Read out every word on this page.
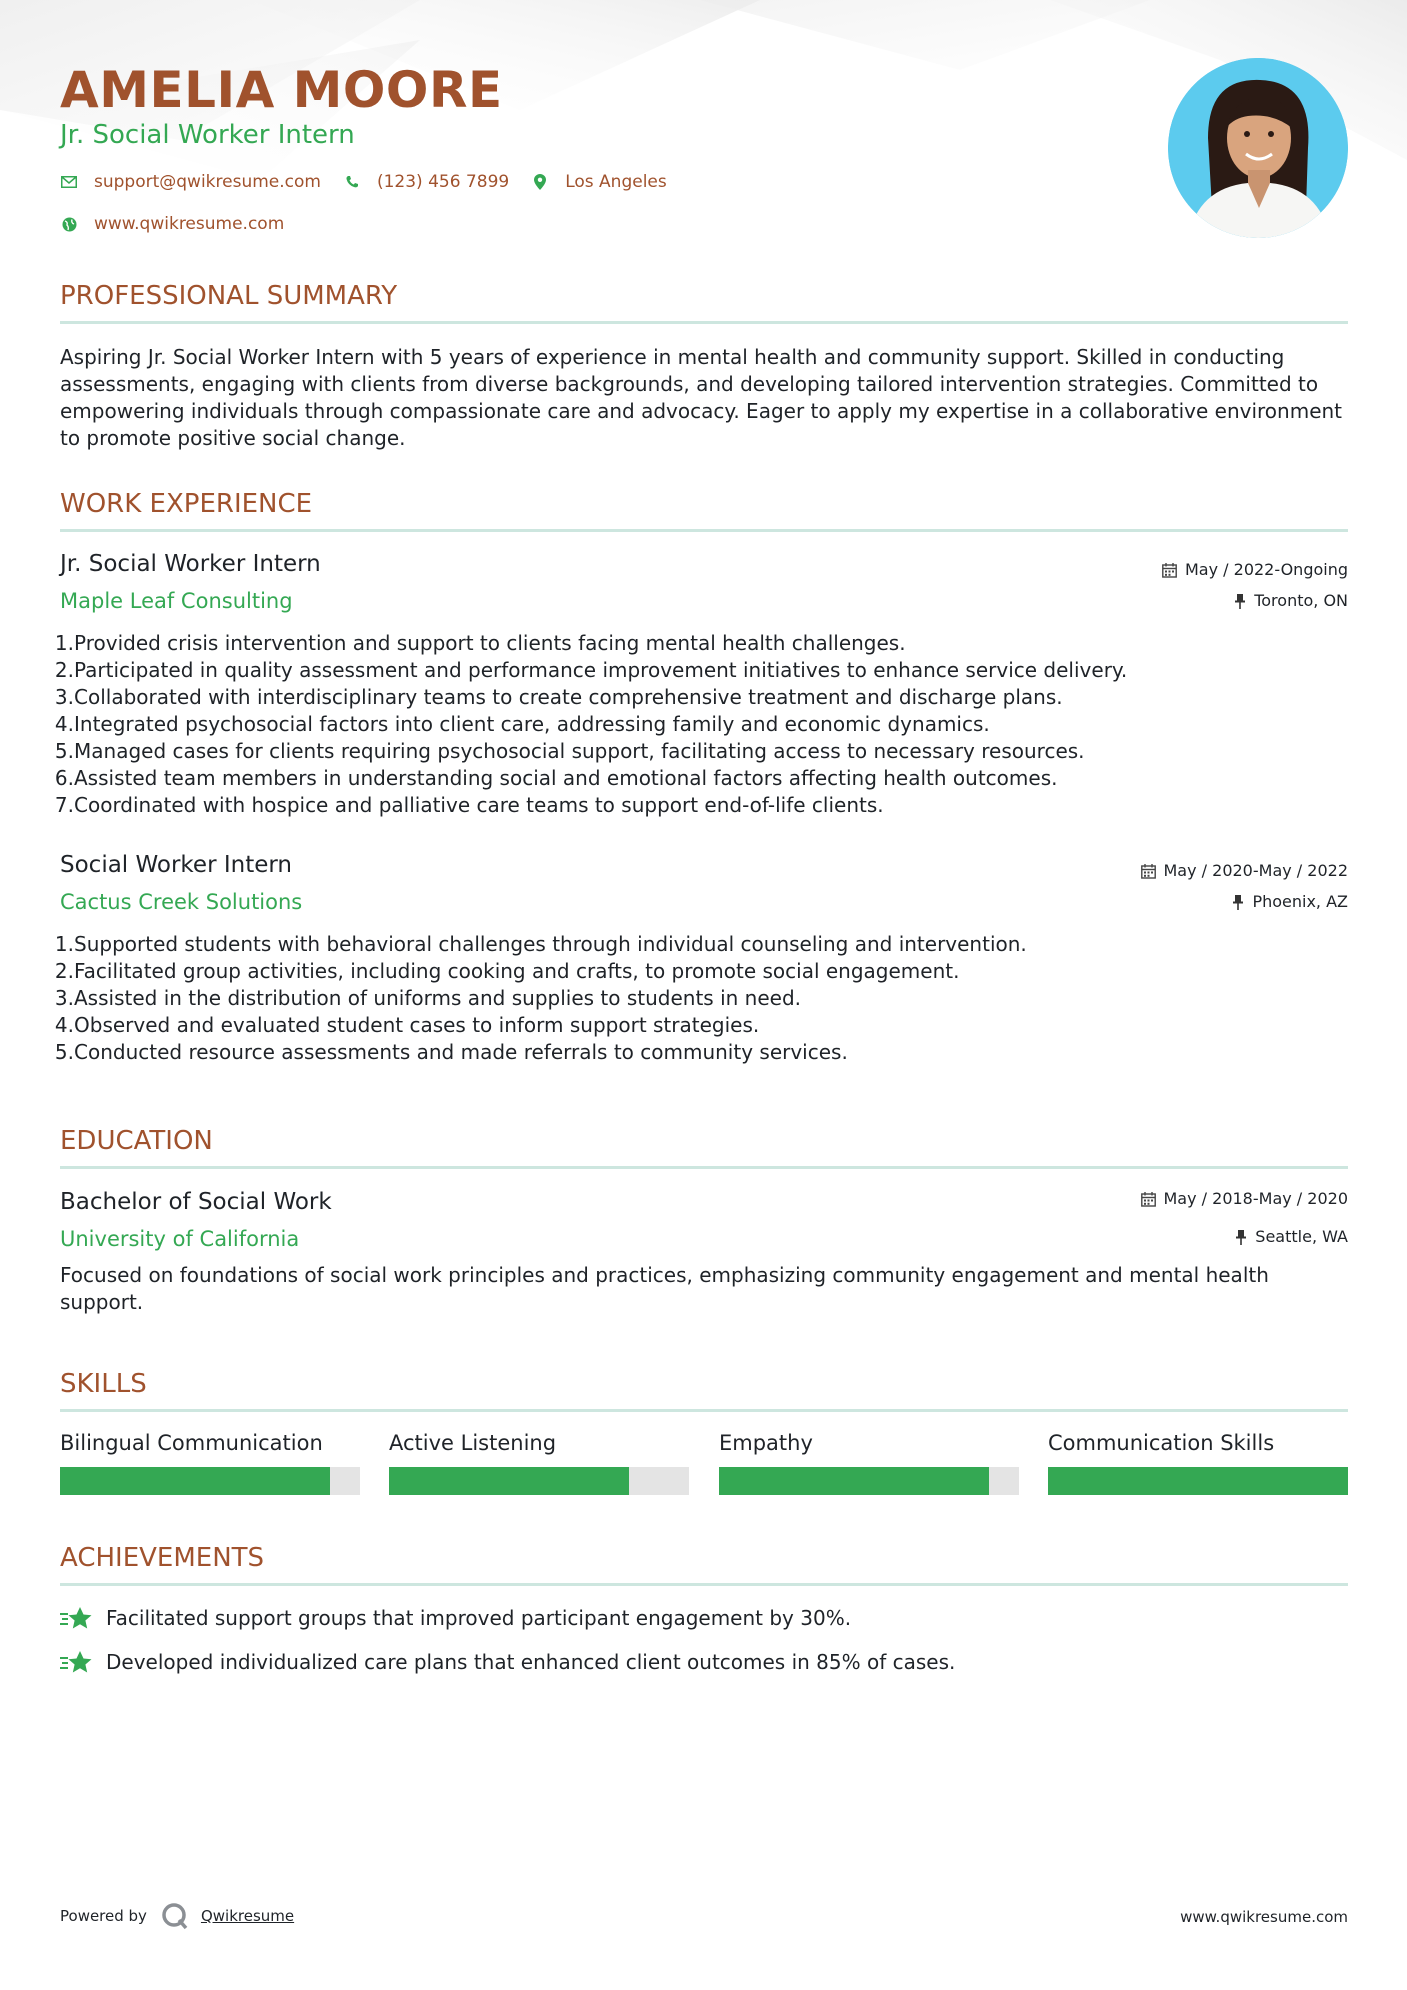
AMELIA MOORE
Jr. Social Worker Intern
support@qwikresume.com	(123) 456 7899	Los Angeles
www.qwikresume.com
PROFESSIONAL SUMMARY
Aspiring Jr. Social Worker Intern with 5 years of experience in mental health and community support. Skilled in conducting assessments, engaging with clients from diverse backgrounds, and developing tailored intervention strategies. Committed to empowering individuals through compassionate care and advocacy. Eager to apply my expertise in a collaborative environment to promote positive social change.
WORK EXPERIENCE
Jr. Social Worker Intern
Maple Leaf Consulting
May / 2022-Ongoing
Toronto, ON
1.Provided crisis intervention and support to clients facing mental health challenges.
2.Participated in quality assessment and performance improvement initiatives to enhance service delivery.
3.Collaborated with interdisciplinary teams to create comprehensive treatment and discharge plans.
4.Integrated psychosocial factors into client care, addressing family and economic dynamics.
5.Managed cases for clients requiring psychosocial support, facilitating access to necessary resources.
6.Assisted team members in understanding social and emotional factors affecting health outcomes.
7.Coordinated with hospice and palliative care teams to support end-of-life clients.
Social Worker Intern
Cactus Creek Solutions
May / 2020-May / 2022
Phoenix, AZ
1.Supported students with behavioral challenges through individual counseling and intervention.
2.Facilitated group activities, including cooking and crafts, to promote social engagement.
3.Assisted in the distribution of uniforms and supplies to students in need.
4.Observed and evaluated student cases to inform support strategies.
5.Conducted resource assessments and made referrals to community services.
EDUCATION
Bachelor of Social Work
University of California
May / 2018-May / 2020
Seattle, WA
Focused on foundations of social work principles and practices, emphasizing community engagement and mental health support.
SKILLS
Bilingual Communication	Active Listening	Empathy	Communication Skills
ACHIEVEMENTS
Facilitated support groups that improved participant engagement by 30%.
Developed individualized care plans that enhanced client outcomes in 85% of cases.
Powered by	Qwikresume	www.qwikresume.com
